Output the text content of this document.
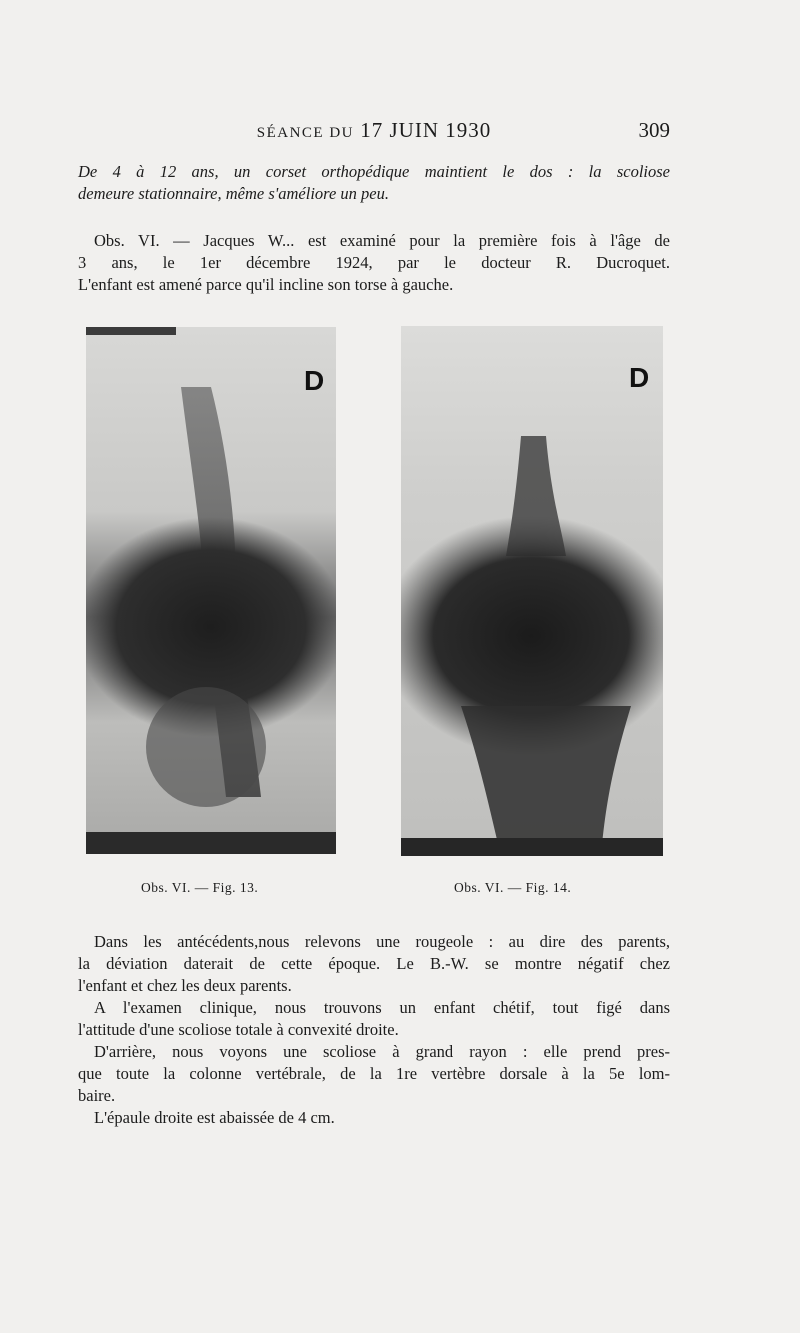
SÉANCE DU 17 JUIN 1930	309

De 4 à 12 ans, un corset orthopédique maintient le dos : la scoliose
demeure stationnaire, même s'améliore un peu.

Obs. VI. — Jacques W... est examiné pour la première fois à l'âge de
3 ans, le 1er décembre 1924, par le docteur R. Ducroquet.
L'enfant est amené parce qu'il incline son torse à gauche.

D	D
Obs. VI. — Fig. 13.	Obs. VI. — Fig. 14.

Dans les antécédents,nous relevons une rougeole : au dire des parents,
la déviation daterait de cette époque. Le B.-W. se montre négatif chez
l'enfant et chez les deux parents.

A l'examen clinique, nous trouvons un enfant chétif, tout figé dans
l'attitude d'une scoliose totale à convexité droite.

D'arrière, nous voyons une scoliose à grand rayon : elle prend pres-
que toute la colonne vertébrale, de la 1re vertèbre dorsale à la 5e lom-
baire.

L'épaule droite est abaissée de 4 cm.
